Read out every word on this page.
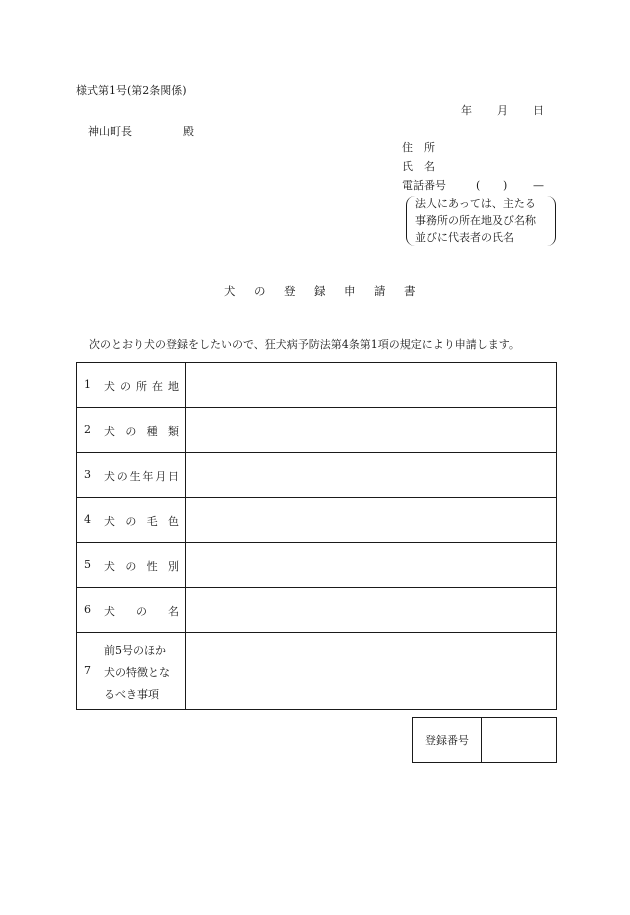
様式第1号(第2条関係)
年 月 日
神山町長	殿
住　所
氏　名
電話番号	( ) —
法人にあっては、主たる
事務所の所在地及び名称
並びに代表者の氏名
犬 の 登 録 申 請 書
次のとおり犬の登録をしたいので、狂犬病予防法第4条第1項の規定により申請します。
1 犬の所在地	

2 犬の種類	

3 犬の生年月日	

4 犬の毛色	

5 犬の性別	

6 犬の名	

7
前5号のほか
犬の特徴とな
るべき事項	

登録番号	
